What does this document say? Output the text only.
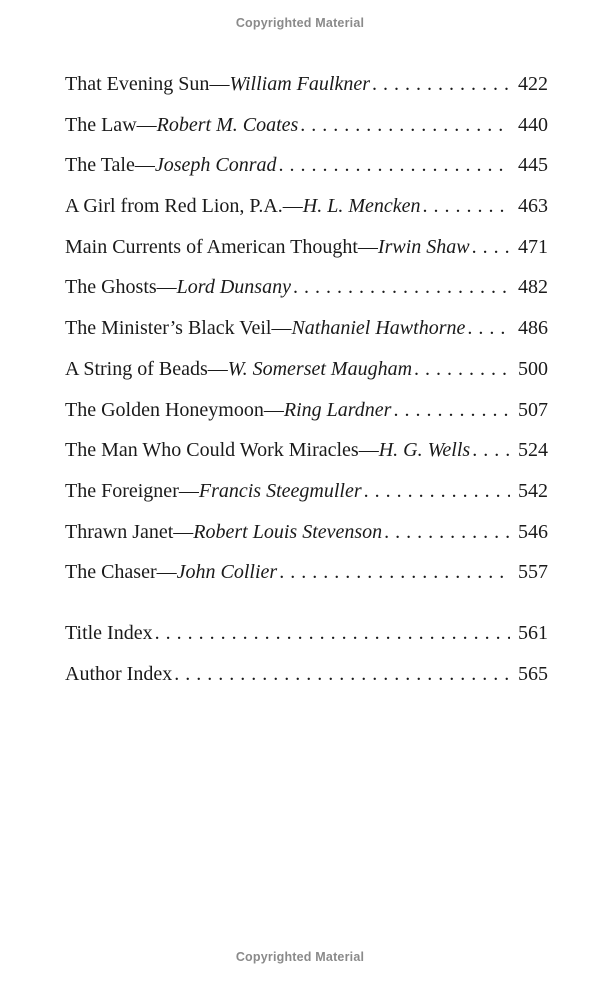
Copyrighted Material
That Evening Sun — William Faulkner . . .	422
The Law — Robert M. Coates . . .	440
The Tale — Joseph Conrad . . .	445
A Girl from Red Lion, P.A. — H. L. Mencken . . .	463
Main Currents of American Thought — Irwin Shaw . . . 471
The Ghosts — Lord Dunsany . . .	482
The Minister’s Black Veil — Nathaniel Hawthorne . . .	486
A String of Beads — W. Somerset Maugham . . .	500
The Golden Honeymoon — Ring Lardner . . .	507
The Man Who Could Work Miracles — H. G. Wells . . . 524
The Foreigner — Francis Steegmuller . . .	542
Thrawn Janet — Robert Louis Stevenson . . .	546
The Chaser — John Collier . . .	557
Title Index . . .	561
Author Index . . .	565
Copyrighted Material
